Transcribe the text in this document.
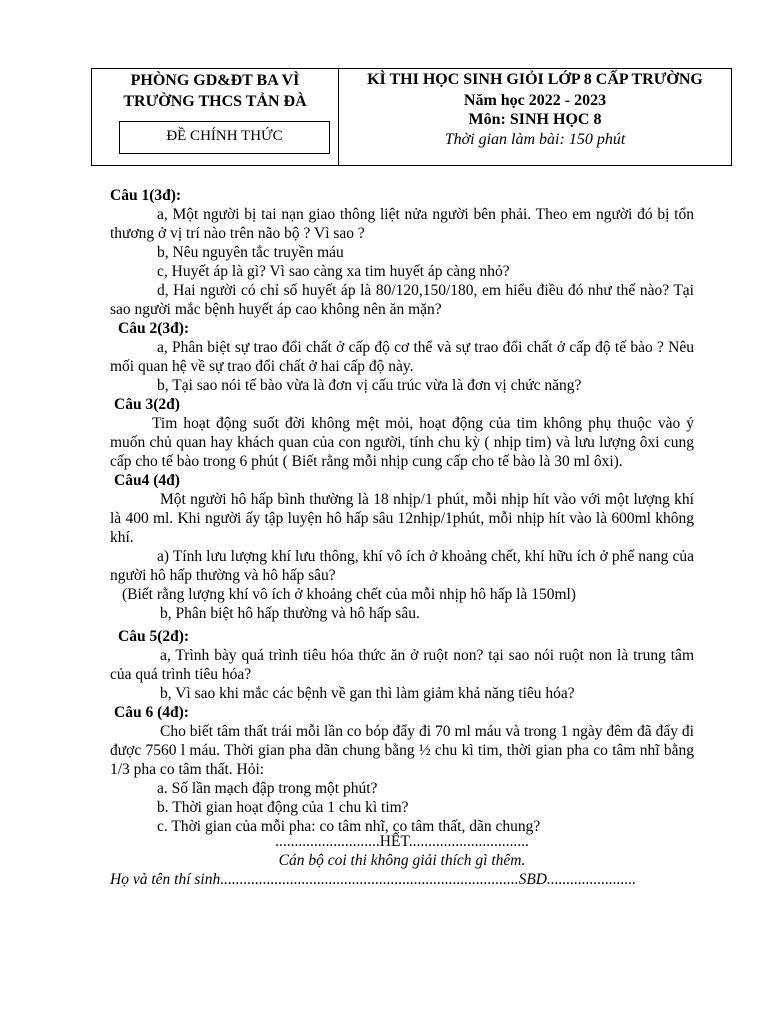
PHÒNG GD&ĐT BA VÌ
TRƯỜNG THCS TẢN ĐÀ
ĐỀ CHÍNH THỨC
KÌ THI HỌC SINH GIỎI LỚP 8 CẤP TRƯỜNG
Năm học 2022 - 2023
Môn: SINH HỌC 8
Thời gian làm bài: 150 phút

Câu 1(3đ):

a, Một người bị tai nạn giao thông liệt nửa người bên phải. Theo em người đó bị tổn thương ở vị trí nào trên não bộ ? Vì sao ?

b, Nêu nguyên tắc truyền máu

c, Huyết áp là gì? Vì sao càng xa tim huyết áp càng nhỏ?

d, Hai người có chỉ số huyết áp là 80/120,150/180, em hiểu điều đó như thế nào? Tại sao người mắc bệnh huyết áp cao không nên ăn mặn?

Câu 2(3đ):

a, Phân biệt sự trao đổi chất ở cấp độ cơ thể và sự trao đổi chất ở cấp độ tế bào ? Nêu mối quan hệ về sự trao đổi chất ở hai cấp độ này.

b, Tại sao nói tế bào vừa là đơn vị cấu trúc vừa là đơn vị chức năng?

Câu 3(2đ)

Tim hoạt động suốt đời không mệt mỏi, hoạt động của tim không phụ thuộc vào ý muốn chủ quan hay khách quan của con người, tính chu kỳ ( nhịp tim) và lưu lượng ôxi cung cấp cho tế bào trong 6 phút ( Biết rằng mỗi nhịp cung cấp cho tế bào là 30 ml ôxi).

Câu4 (4đ)

Một người hô hấp bình thường là 18 nhịp/1 phút, mỗi nhịp hít vào với một lượng khí là 400 ml. Khi người ấy tập luyện hô hấp sâu 12nhịp/1phút, mỗi nhịp hít vào là 600ml không khí.

a) Tính lưu lượng khí lưu thông, khí vô ích ở khoảng chết, khí hữu ích ở phế nang của người hô hấp thường và hô hấp sâu?

(Biết rằng lượng khí vô ích ở khoảng chết của mỗi nhịp hô hấp là 150ml)

b, Phân biệt hô hấp thường và hô hấp sâu.

Câu 5(2đ):

a, Trình bày quá trình tiêu hóa thức ăn ở ruột non? tại sao nói ruột non là trung tâm của quá trình tiêu hóa?

b, Vì sao khi mắc các bệnh về gan thì làm giảm khả năng tiêu hóa?

Câu 6 (4đ):

Cho biết tâm thất trái mỗi lần co bóp đẩy đi 70 ml máu và trong 1 ngày đêm đã đẩy đi được 7560 l máu. Thời gian pha dãn chung bằng ½ chu kì tim, thời gian pha co tâm nhĩ bằng 1/3 pha co tâm thất. Hỏi:

a. Số lần mạch đập trong một phút?

b. Thời gian hoạt động của 1 chu kì tim?

c. Thời gian của mỗi pha: co tâm nhĩ, co tâm thất, dãn chung?

...........................HẾT...............................

Cán bộ coi thi không giải thích gì thêm.

Họ và tên thí sinh.............................................................................SBD.......................
